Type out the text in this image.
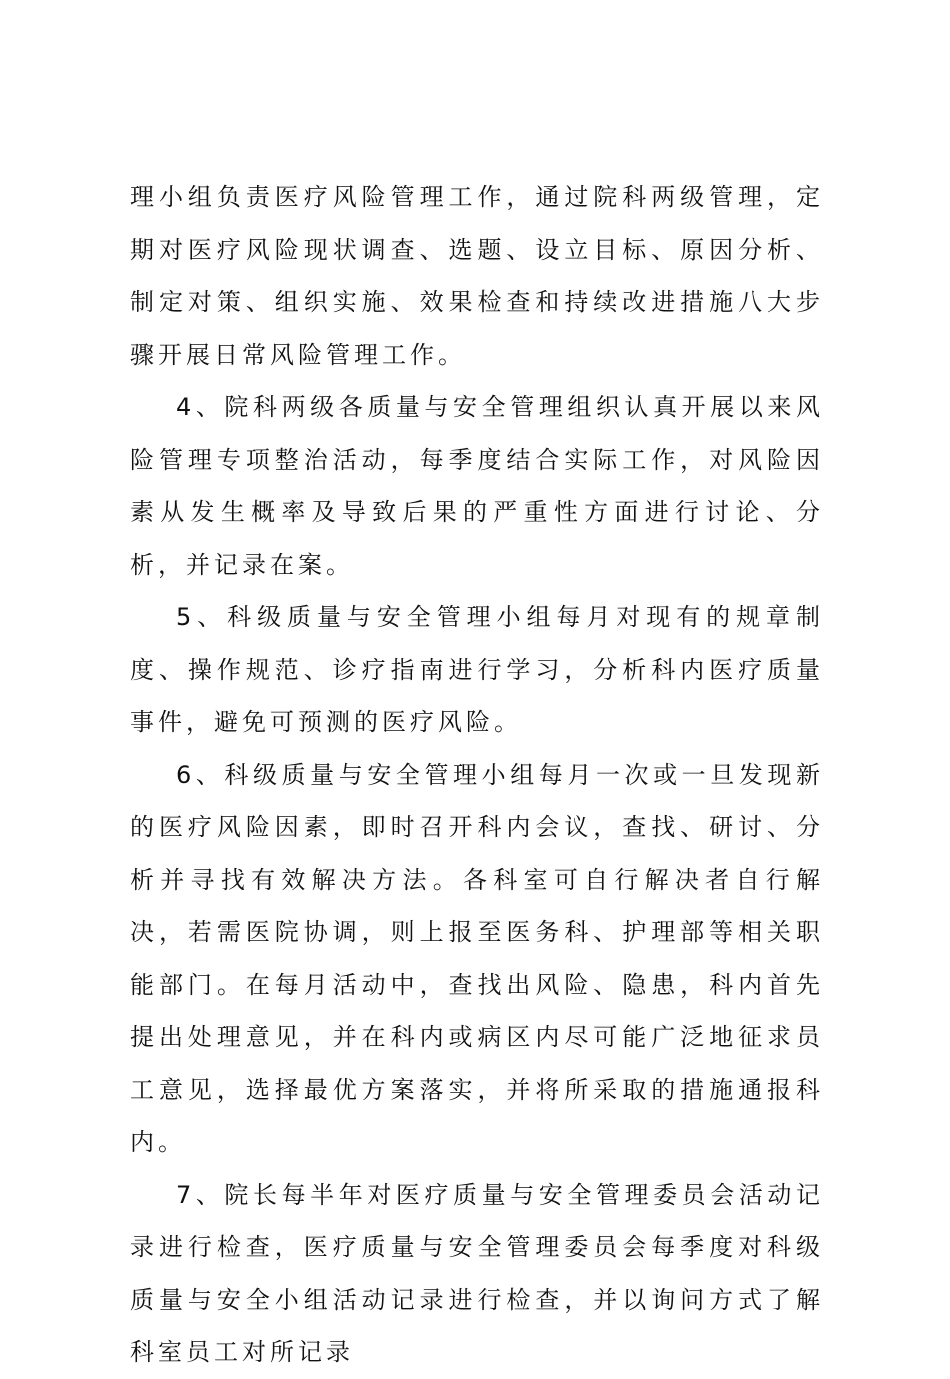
理小组负责医疗风险管理工作，通过院科两级管理，定期对医疗风险现状调查、选题、设立目标、原因分析、制定对策、组织实施、效果检查和持续改进措施八大步骤开展日常风险管理工作。

4、院科两级各质量与安全管理组织认真开展以来风险管理专项整治活动，每季度结合实际工作，对风险因素从发生概率及导致后果的严重性方面进行讨论、分析，并记录在案。

5、科级质量与安全管理小组每月对现有的规章制度、操作规范、诊疗指南进行学习，分析科内医疗质量事件，避免可预测的医疗风险。

6、科级质量与安全管理小组每月一次或一旦发现新的医疗风险因素，即时召开科内会议，查找、研讨、分析并寻找有效解决方法。各科室可自行解决者自行解决，若需医院协调，则上报至医务科、护理部等相关职能部门。在每月活动中，查找出风险、隐患，科内首先提出处理意见，并在科内或病区内尽可能广泛地征求员工意见，选择最优方案落实，并将所采取的措施通报科内。

7、院长每半年对医疗质量与安全管理委员会活动记录进行检查，医疗质量与安全管理委员会每季度对科级质量与安全小组活动记录进行检查，并以询问方式了解科室员工对所记录
